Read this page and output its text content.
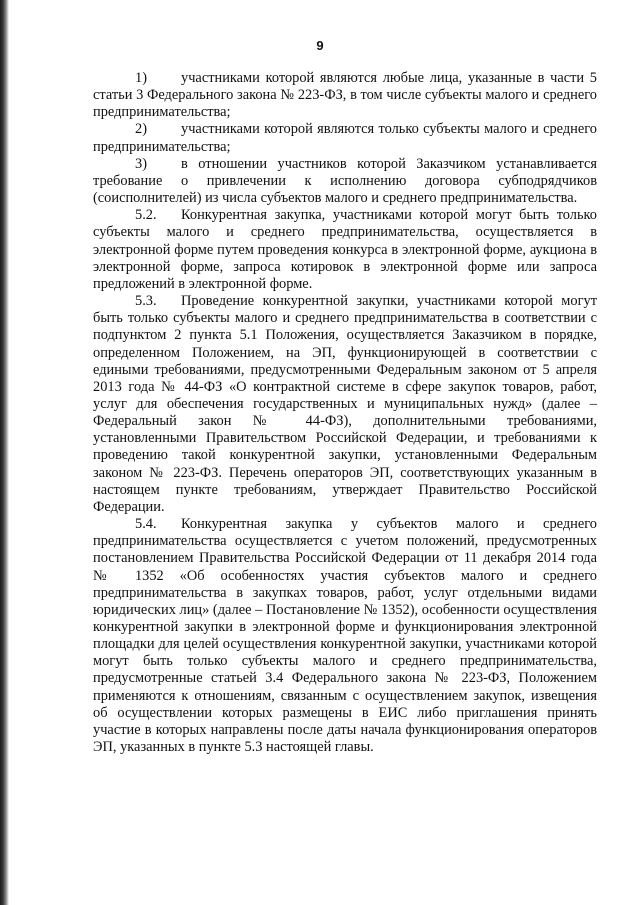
9

1) участниками которой являются любые лица, указанные в части 5 статьи 3 Федерального закона № 223-ФЗ, в том числе субъекты малого и среднего предпринимательства;

2) участниками которой являются только субъекты малого и среднего предпринимательства;

3) в отношении участников которой Заказчиком устанавливается требование о привлечении к исполнению договора субподрядчиков (соисполнителей) из числа субъектов малого и среднего предпринимательства.

5.2. Конкурентная закупка, участниками которой могут быть только субъекты малого и среднего предпринимательства, осуществляется в электронной форме путем проведения конкурса в электронной форме, аукциона в электронной форме, запроса котировок в электронной форме или запроса предложений в электронной форме.

5.3. Проведение конкурентной закупки, участниками которой могут быть только субъекты малого и среднего предпринимательства в соответствии с подпунктом 2 пункта 5.1 Положения, осуществляется Заказчиком в порядке, определенном Положением, на ЭП, функционирующей в соответствии с едиными требованиями, предусмотренными Федеральным законом от 5 апреля 2013 года № 44-ФЗ «О контрактной системе в сфере закупок товаров, работ, услуг для обеспечения государственных и муниципальных нужд» (далее – Федеральный закон № 44-ФЗ), дополнительными требованиями, установленными Правительством Российской Федерации, и требованиями к проведению такой конкурентной закупки, установленными Федеральным законом № 223-ФЗ. Перечень операторов ЭП, соответствующих указанным в настоящем пункте требованиям, утверждает Правительство Российской Федерации.

5.4. Конкурентная закупка у субъектов малого и среднего предпринимательства осуществляется с учетом положений, предусмотренных постановлением Правительства Российской Федерации от 11 декабря 2014 года № 1352 «Об особенностях участия субъектов малого и среднего предпринимательства в закупках товаров, работ, услуг отдельными видами юридических лиц» (далее – Постановление № 1352), особенности осуществления конкурентной закупки в электронной форме и функционирования электронной площадки для целей осуществления конкурентной закупки, участниками которой могут быть только субъекты малого и среднего предпринимательства, предусмотренные статьей 3.4 Федерального закона № 223-ФЗ, Положением применяются к отношениям, связанным с осуществлением закупок, извещения об осуществлении которых размещены в ЕИС либо приглашения принять участие в которых направлены после даты начала функционирования операторов ЭП, указанных в пункте 5.3 настоящей главы.
